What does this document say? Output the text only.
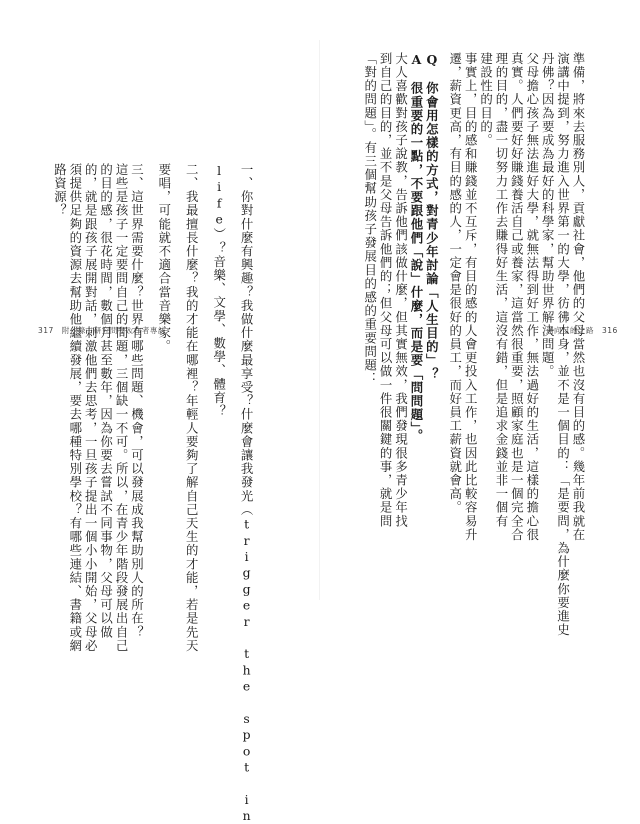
準備，將來去服務別人，貢獻社會，他們的父母當然也沒有目的感。幾年前我就在
演講中提到，努力進入世界第一的大學，彷彿本身，並不是一個目的：「是要問，為什麼你要進史
丹佛？因為要成為最好的科學家，幫助世界解決問題。
父母擔心孩子無法進好大學，就無法得到好工作，無法過好的生活，這樣的擔心很
真實。人們要好好賺錢養活自己或養家，這當然很重要，照顧家庭也是一個完全合
理的目的，盡一切努力工作去賺得好生活，這沒有錯，但是追求金錢並非一個有
建設性的目的。
事實上，目的感和賺錢並不互斥，有目的感的人會更投入工作，也因此比較容易升
遷，薪資更高，有目的感的人，一定會是很好的員工，而好員工薪資就會高。
Q　你會用怎樣的方式，對青少年討論「人生目的」？
A　很重要的一點，不要跟他們「說」什麼，而是要「問問題」。
大人喜歡對孩子說教，告訴他們該做什麼，但其實無效，我們發現很多青少年找
到自己的目的，並不是父母告訴他們的；但父母可以做一件很關鍵的事，就是問
「對的問題」。有三個幫助孩子發展目的感的重要問題：
一、你對什麼有興趣？我做什麼最享受？什麼會讓我發光（trigger the spot in
life）？音樂、文學、數學、體育？
二、我最擅長什麼？我的才能在哪裡？年輕人要夠了解自己天生的才能，若是先天
要唱，可能就不適合當音樂家。
三、這世界需要什麼？世界有哪些問題、機會，可以發展成我幫助別人的所在？
這些是孩子一定要問自己的問題，三個缺一不可。所以，在青少年階段發展出自己
的目的感，很花時間，數個月甚至數年，因為你要去嘗試不同事物，父母可以做
的，就是跟孩子展開對話，刺激他們去思考，一旦孩子提出一個小小開始，父母必
須提供足夠的資源去幫助他繼續發展，要去哪種特別學校？有哪些連結、書籍或網
路資源？
317　附　錄　研究問卷＆作者專訪	邁向目的之路　316
